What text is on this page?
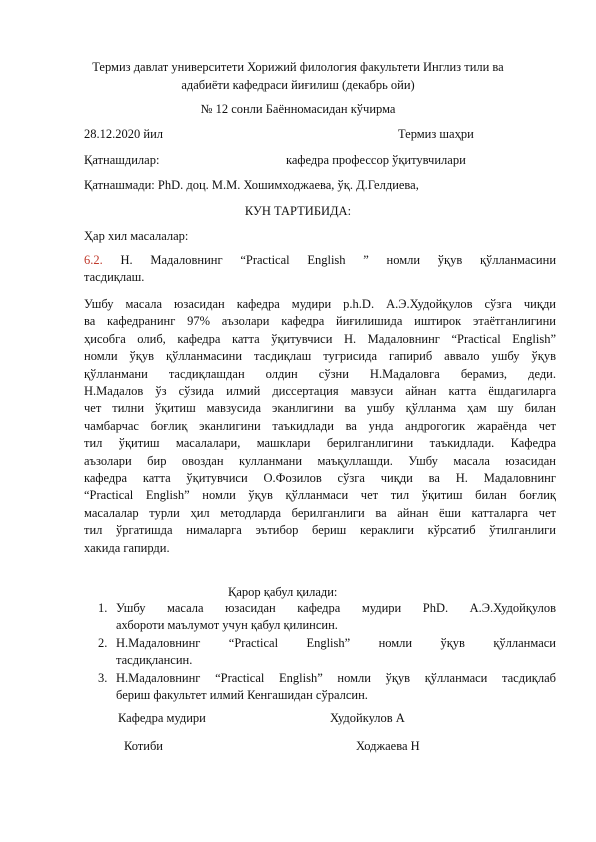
Термиз давлат университети Хорижий филология факультети Инглиз тили ва
адабиёти кафедраси йиғилиш (декабрь ойи)
№ 12 сонли Баённомасидан кўчирма
28.12.2020 йил	Термиз шаҳри
Қатнашдилар:	кафедра профессор ўқитувчилари
Қатнашмади: PhD. доц. М.М. Хошимходжаева, ўқ. Д.Гелдиева,
КУН ТАРТИБИДА:
Ҳар хил масалалар:
6.2. Н. Мадаловнинг “Practical English ” номли ўқув қўлланмасини
тасдиқлаш.
Ушбу масала юзасидан кафедра мудири p.h.D. А.Э.Худойқулов сўзга чиқди
ва кафедранинг 97% аъзолари кафедра йиғилишида иштирок этаётганлигини
ҳисобга олиб, кафедра катта ўқитувчиси Н. Мадаловнинг “Practical English”
номли ўқув қўлланмасини тасдиқлаш тугрисида гапириб аввало ушбу ўқув
қўлланмани тасдиқлашдан олдин сўзни Н.Мадаловга берамиз, деди.
Н.Мадалов ўз сўзида илмий диссертация мавзуси айнан катта ёшдагиларга
чет тилни ўқитиш мавзусида эканлигини ва ушбу қўлланма ҳам шу билан
чамбарчас боғлиқ эканлигини таъкидлади ва унда андрогогик жараёнда чет
тил ўқитиш масалалари, машклари берилганлигини таъкидлади. Кафедра
аъзолари бир овоздан кулланмани маъқуллашди. Ушбу масала юзасидан
кафедра катта ўқитувчиси О.Фозилов сўзга чиқди ва Н. Мадаловнинг
“Practical English” номли ўқув қўлланмаси чет тил ўқитиш билан боғлиқ
масалалар турли ҳил методларда берилганлиги ва айнан ёши катталарга чет
тил ўргатишда нималарга эътибор бериш кераклиги кўрсатиб ўтилганлиги
хакида гапирди.
Қарор қабул қилади:
1. Ушбу масала юзасидан кафедра мудири PhD. А.Э.Худойқулов
ахбороти маълумот учун қабул қилинсин.
2. Н.Мадаловнинг “Practical English” номли ўқув қўлланмаси
тасдиқлансин.
3. Н.Мадаловнинг “Practical English” номли ўқув қўлланмаси тасдиқлаб
бериш факультет илмий Кенгашидан сўралсин.
Кафедра мудири	Худойкулов А
Котиби	Ходжаева Н
